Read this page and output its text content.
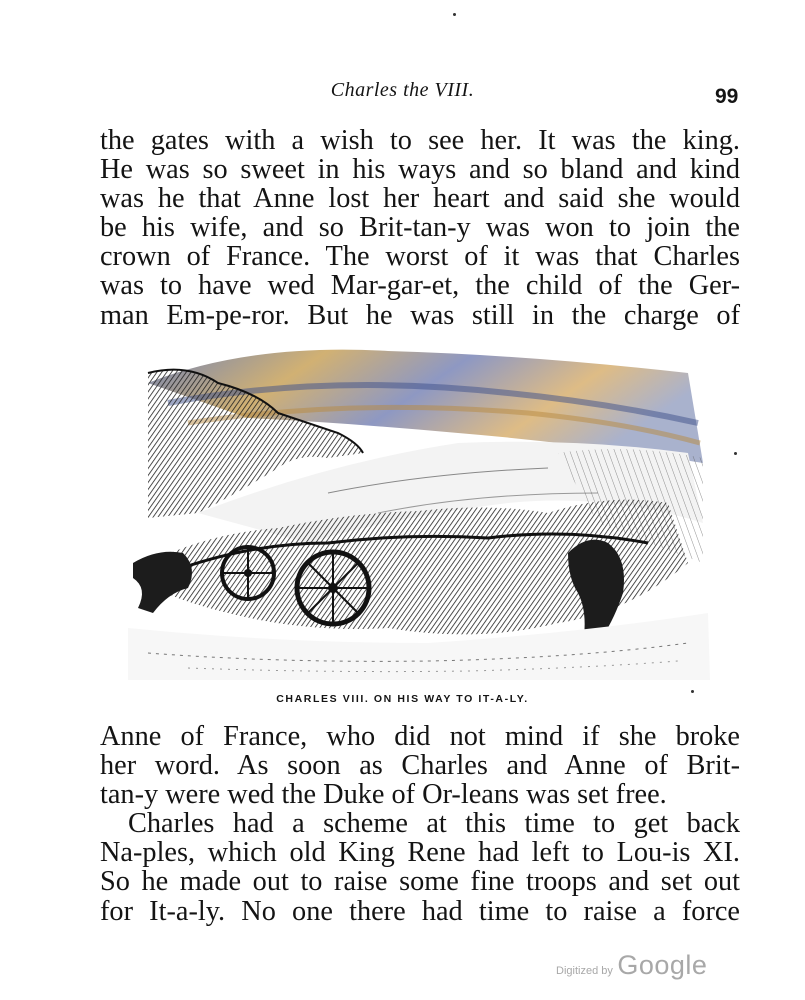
Charles the VIII.	99
the gates with a wish to see her. It was the king.
He was so sweet in his ways and so bland and kind
was he that Anne lost her heart and said she would
be his wife, and so Brit-tan-y was won to join the
crown of France. The worst of it was that Charles
was to have wed Mar-gar-et, the child of the Ger-
man Em-pe-ror. But he was still in the charge of
CHARLES VIII. ON HIS WAY TO IT-A-LY.
Anne of France, who did not mind if she broke
her word. As soon as Charles and Anne of Brit-
tan-y were wed the Duke of Or-leans was set free.
Charles had a scheme at this time to get back
Na-ples, which old King Rene had left to Lou-is XI.
So he made out to raise some fine troops and set out
for It-a-ly. No one there had time to raise a force
Digitized by Google
